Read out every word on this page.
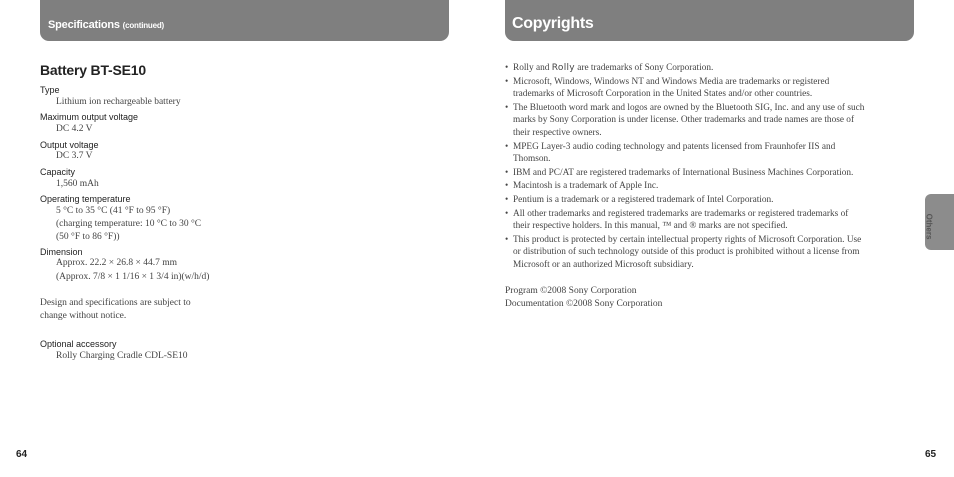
Specifications (continued)
Battery BT-SE10
Type
Lithium ion rechargeable battery
Maximum output voltage
DC 4.2 V
Output voltage
DC 3.7 V
Capacity
1,560 mAh
Operating temperature
5 °C to 35 °C (41 °F to 95 °F)
(charging temperature: 10 °C to 30 °C
(50 °F to 86 °F))
Dimension
Approx. 22.2 × 26.8 × 44.7 mm
(Approx. 7/8 × 1 1/16 × 1 3/4 in)(w/h/d)
Design and specifications are subject to
change without notice.
Optional accessory
Rolly Charging Cradle CDL-SE10
64
Copyrights
• Rolly and Rolly are trademarks of Sony Corporation.
• Microsoft, Windows, Windows NT and Windows Media are trademarks or registered
trademarks of Microsoft Corporation in the United States and/or other countries.
• The Bluetooth word mark and logos are owned by the Bluetooth SIG, Inc. and any use of such
marks by Sony Corporation is under license. Other trademarks and trade names are those of
their respective owners.
• MPEG Layer-3 audio coding technology and patents licensed from Fraunhofer IIS and
Thomson.
• IBM and PC/AT are registered trademarks of International Business Machines Corporation.
• Macintosh is a trademark of Apple Inc.
• Pentium is a trademark or a registered trademark of Intel Corporation.
• All other trademarks and registered trademarks are trademarks or registered trademarks of
their respective holders. In this manual, ™ and ® marks are not specified.
• This product is protected by certain intellectual property rights of Microsoft Corporation. Use
or distribution of such technology outside of this product is prohibited without a license from
Microsoft or an authorized Microsoft subsidiary.
Program ©2008 Sony Corporation
Documentation ©2008 Sony Corporation
Others
65
